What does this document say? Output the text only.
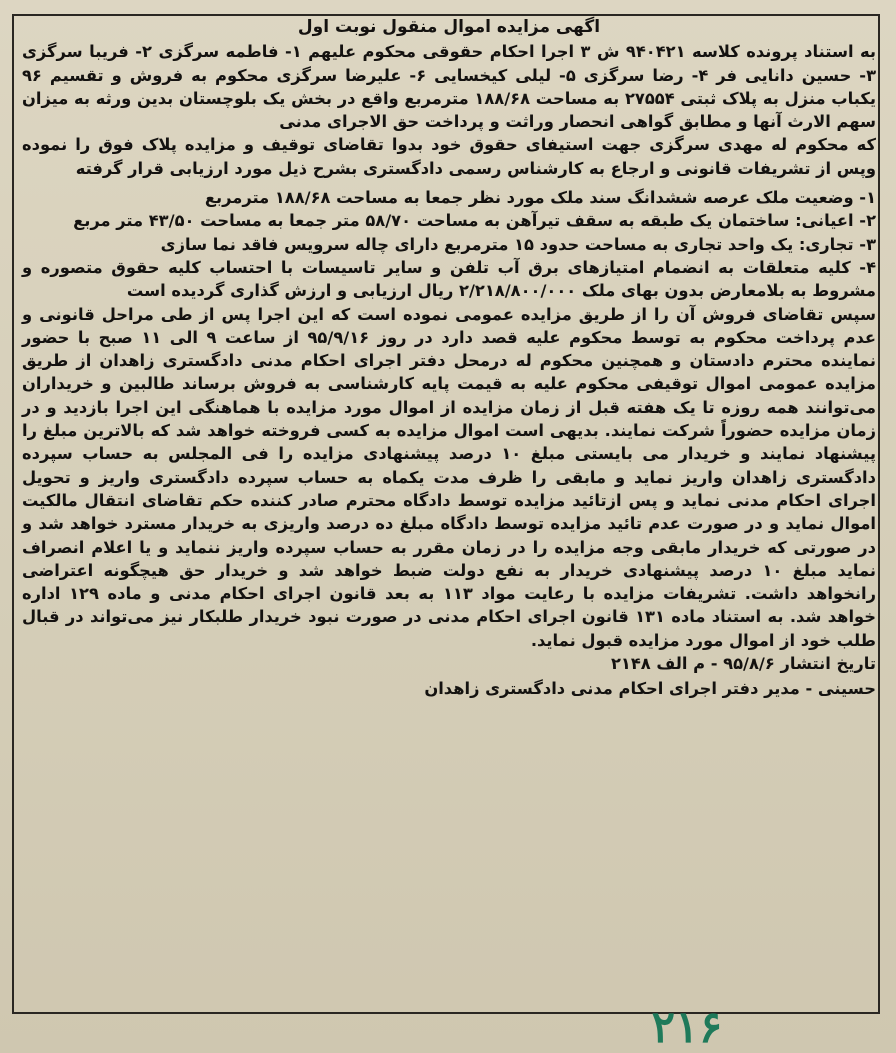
اگهی مزایده اموال منقول نوبت اول

به استناد پرونده کلاسه ۹۴۰۴۲۱ ش ۳ اجرا احکام حقوقی محکوم علیهم ۱- فاطمه سرگزی ۲- فریبا سرگزی ۳- حسین دانایی فر ۴- رضا سرگزی ۵- لیلی کیخسایی ۶- علیرضا سرگزی محکوم به فروش و تقسیم ۹۶ یکباب منزل به پلاک ثبتی ۲۷۵۵۴ به مساحت ۱۸۸/۶۸ مترمربع واقع در بخش یک بلوچستان بدین ورثه به میزان سهم الارث آنها و مطابق گواهی انحصار وراثت و پرداخت حق الاجرای مدنی

که محکوم له مهدی سرگزی جهت استیفای حقوق خود بدوا تقاضای توقیف و مزایده پلاک فوق را نموده وپس از تشریفات قانونی و ارجاع به کارشناس رسمی دادگستری بشرح ذیل مورد ارزیابی قرار گرفته

۱- وضعیت ملک عرصه ششدانگ سند ملک مورد نظر جمعا به مساحت ۱۸۸/۶۸ مترمربع

۲- اعیانی: ساختمان یک طبقه به سقف تیرآهن به مساحت ۵۸/۷۰ متر جمعا به مساحت ۴۳/۵۰ متر مربع

۳- تجاری: یک واحد تجاری به مساحت حدود ۱۵ مترمربع دارای چاله سرویس فاقد نما سازی

۴- کلیه متعلقات به انضمام امتیازهای برق آب تلفن و سایر تاسیسات با احتساب کلیه حقوق متصوره و مشروط به بلامعارض بدون بهای ملک ۲/۲۱۸/۸۰۰/۰۰۰ ریال ارزیابی و ارزش گذاری گردیده است

سپس تقاضای فروش آن را از طریق مزایده عمومی نموده است که این اجرا پس از طی مراحل قانونی و عدم پرداخت محکوم به توسط محکوم علیه قصد دارد در روز ۹۵/۹/۱۶ از ساعت ۹ الی ۱۱ صبح با حضور نماینده محترم دادستان و همچنین محکوم له درمحل دفتر اجرای احکام مدنی دادگستری زاهدان از طریق مزایده عمومی اموال توقیفی محکوم علیه به قیمت پایه کارشناسی به فروش برساند طالبین و خریداران می‌توانند همه روزه تا یک هفته قبل از زمان مزایده از اموال مورد مزایده با هماهنگی این اجرا بازدید و در زمان مزایده حضوراً شرکت نمایند. بدیهی است اموال مزایده به کسی فروخته خواهد شد که بالاترین مبلغ را پیشنهاد نمایند و خریدار می بایستی مبلغ ۱۰ درصد پیشنهادی مزایده را فی المجلس به حساب سپرده دادگستری زاهدان واریز نماید و مابقی را ظرف مدت یکماه به حساب سپرده دادگستری واریز و تحویل اجرای احکام مدنی نماید و پس ازتائید مزایده توسط دادگاه محترم صادر کننده حکم تقاضای انتقال مالکیت اموال نماید و در صورت عدم تائید مزایده توسط دادگاه مبلغ ده درصد واریزی به خریدار مسترد خواهد شد و در صورتی که خریدار مابقی وجه مزایده را در زمان مقرر به حساب سپرده واریز ننماید و یا اعلام انصراف نماید مبلغ ۱۰ درصد پیشنهادی خریدار به نفع دولت ضبط خواهد شد و خریدار حق هیچگونه اعتراضی رانخواهد داشت. تشریفات مزایده با رعایت مواد ۱۱۳ به بعد قانون اجرای احکام مدنی و ماده ۱۲۹ اداره خواهد شد. به استناد ماده ۱۳۱ قانون اجرای احکام مدنی در صورت نبود خریدار طلبکار نیز می‌تواند در قبال طلب خود از اموال مورد مزایده قبول نماید.

تاریخ انتشار ۹۵/۸/۶ - م الف ۲۱۴۸

حسینی - مدیر دفتر اجرای احکام مدنی دادگستری زاهدان

۲۱۶
